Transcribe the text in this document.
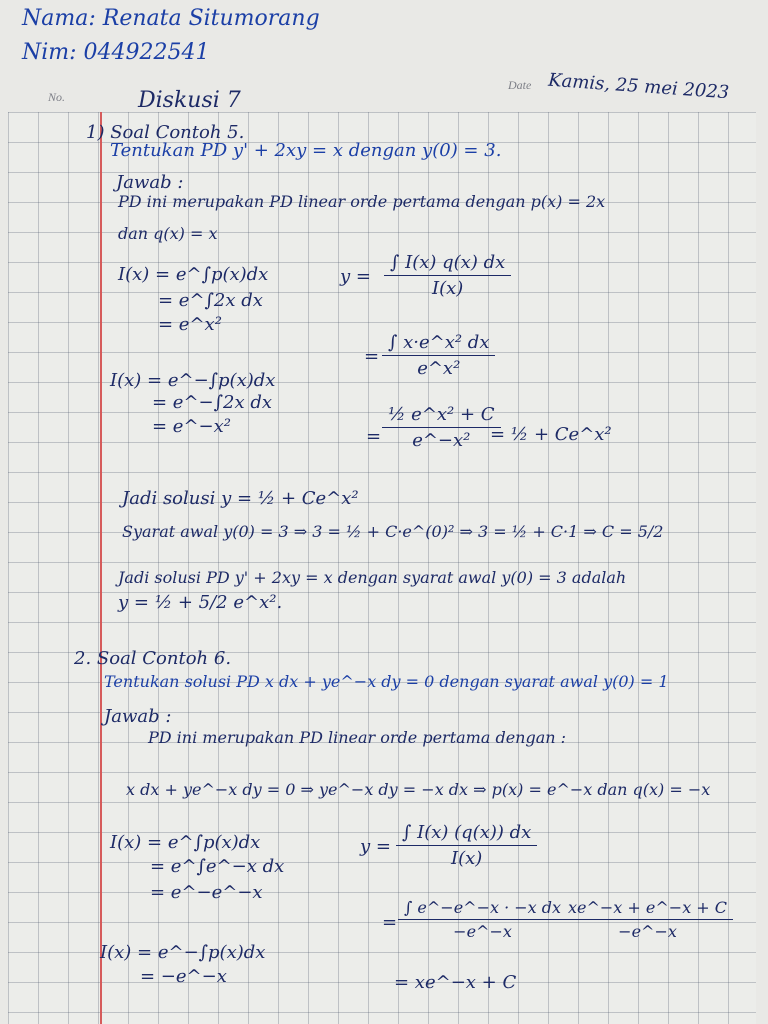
Nama: Renata Situmorang
Nim: 044922541
Date Kamis, 25 mei 2023
No.	Diskusi 7
1) Soal Contoh 5.
Tentukan PD y' + 2xy = x dengan y(0) = 3.
Jawab :
PD ini merupakan PD linear orde pertama dengan p(x) = 2x
dan q(x) = x
I(x) = e^∫p(x)dx
= e^∫2x dx
= e^x²
$y = \frac{\int I(x) q(x) dx}{I(x)}$
I(x) = e^−∫p(x)dx
= e^−∫2x dx
= e^−x²
= $\frac{\text{∫ x·e\textasciicircum{}x² dx}}{\text{e\textasciicircum{}x²}}$
= $\frac{\text{½ e\textasciicircum{}x² + C}}{\text{e\textasciicircum{}−x²}}$
= ½ + Ce^x²
Jadi solusi y = ½ + Ce^x²
Syarat awal y(0) = 3 ⇒ 3 = ½ + C·e^(0)² ⇒ 3 = ½ + C·1 ⇒ C = 5/2
Jadi solusi PD y' + 2xy = x dengan syarat awal y(0) = 3 adalah
y = ½ + 5/2 e^x².
2. Soal Contoh 6.
Tentukan solusi PD x dx + ye^−x dy = 0 dengan syarat awal y(0) = 1
Jawab :
PD ini merupakan PD linear orde pertama dengan :
x dx + ye^−x dy = 0 ⇒ ye^−x dy = −x dx ⇒ p(x) = e^−x dan q(x) = −x
I(x) = e^∫p(x)dx
= e^∫e^−x dx
= e^−e^−x
$y = \frac{\int I(x) (q(x)) dx}{I(x)}$
I(x) = e^−∫p(x)dx
= −e^−x
= $\frac{\text{∫ e\textasciicircum{}−e\textasciicircum{}−x · −x dx}}{-e\^{}-x}$
$\frac{xe\^{}-x + e\^{}-x + C}{-e\^{}-x}$
= xe^−x + C
